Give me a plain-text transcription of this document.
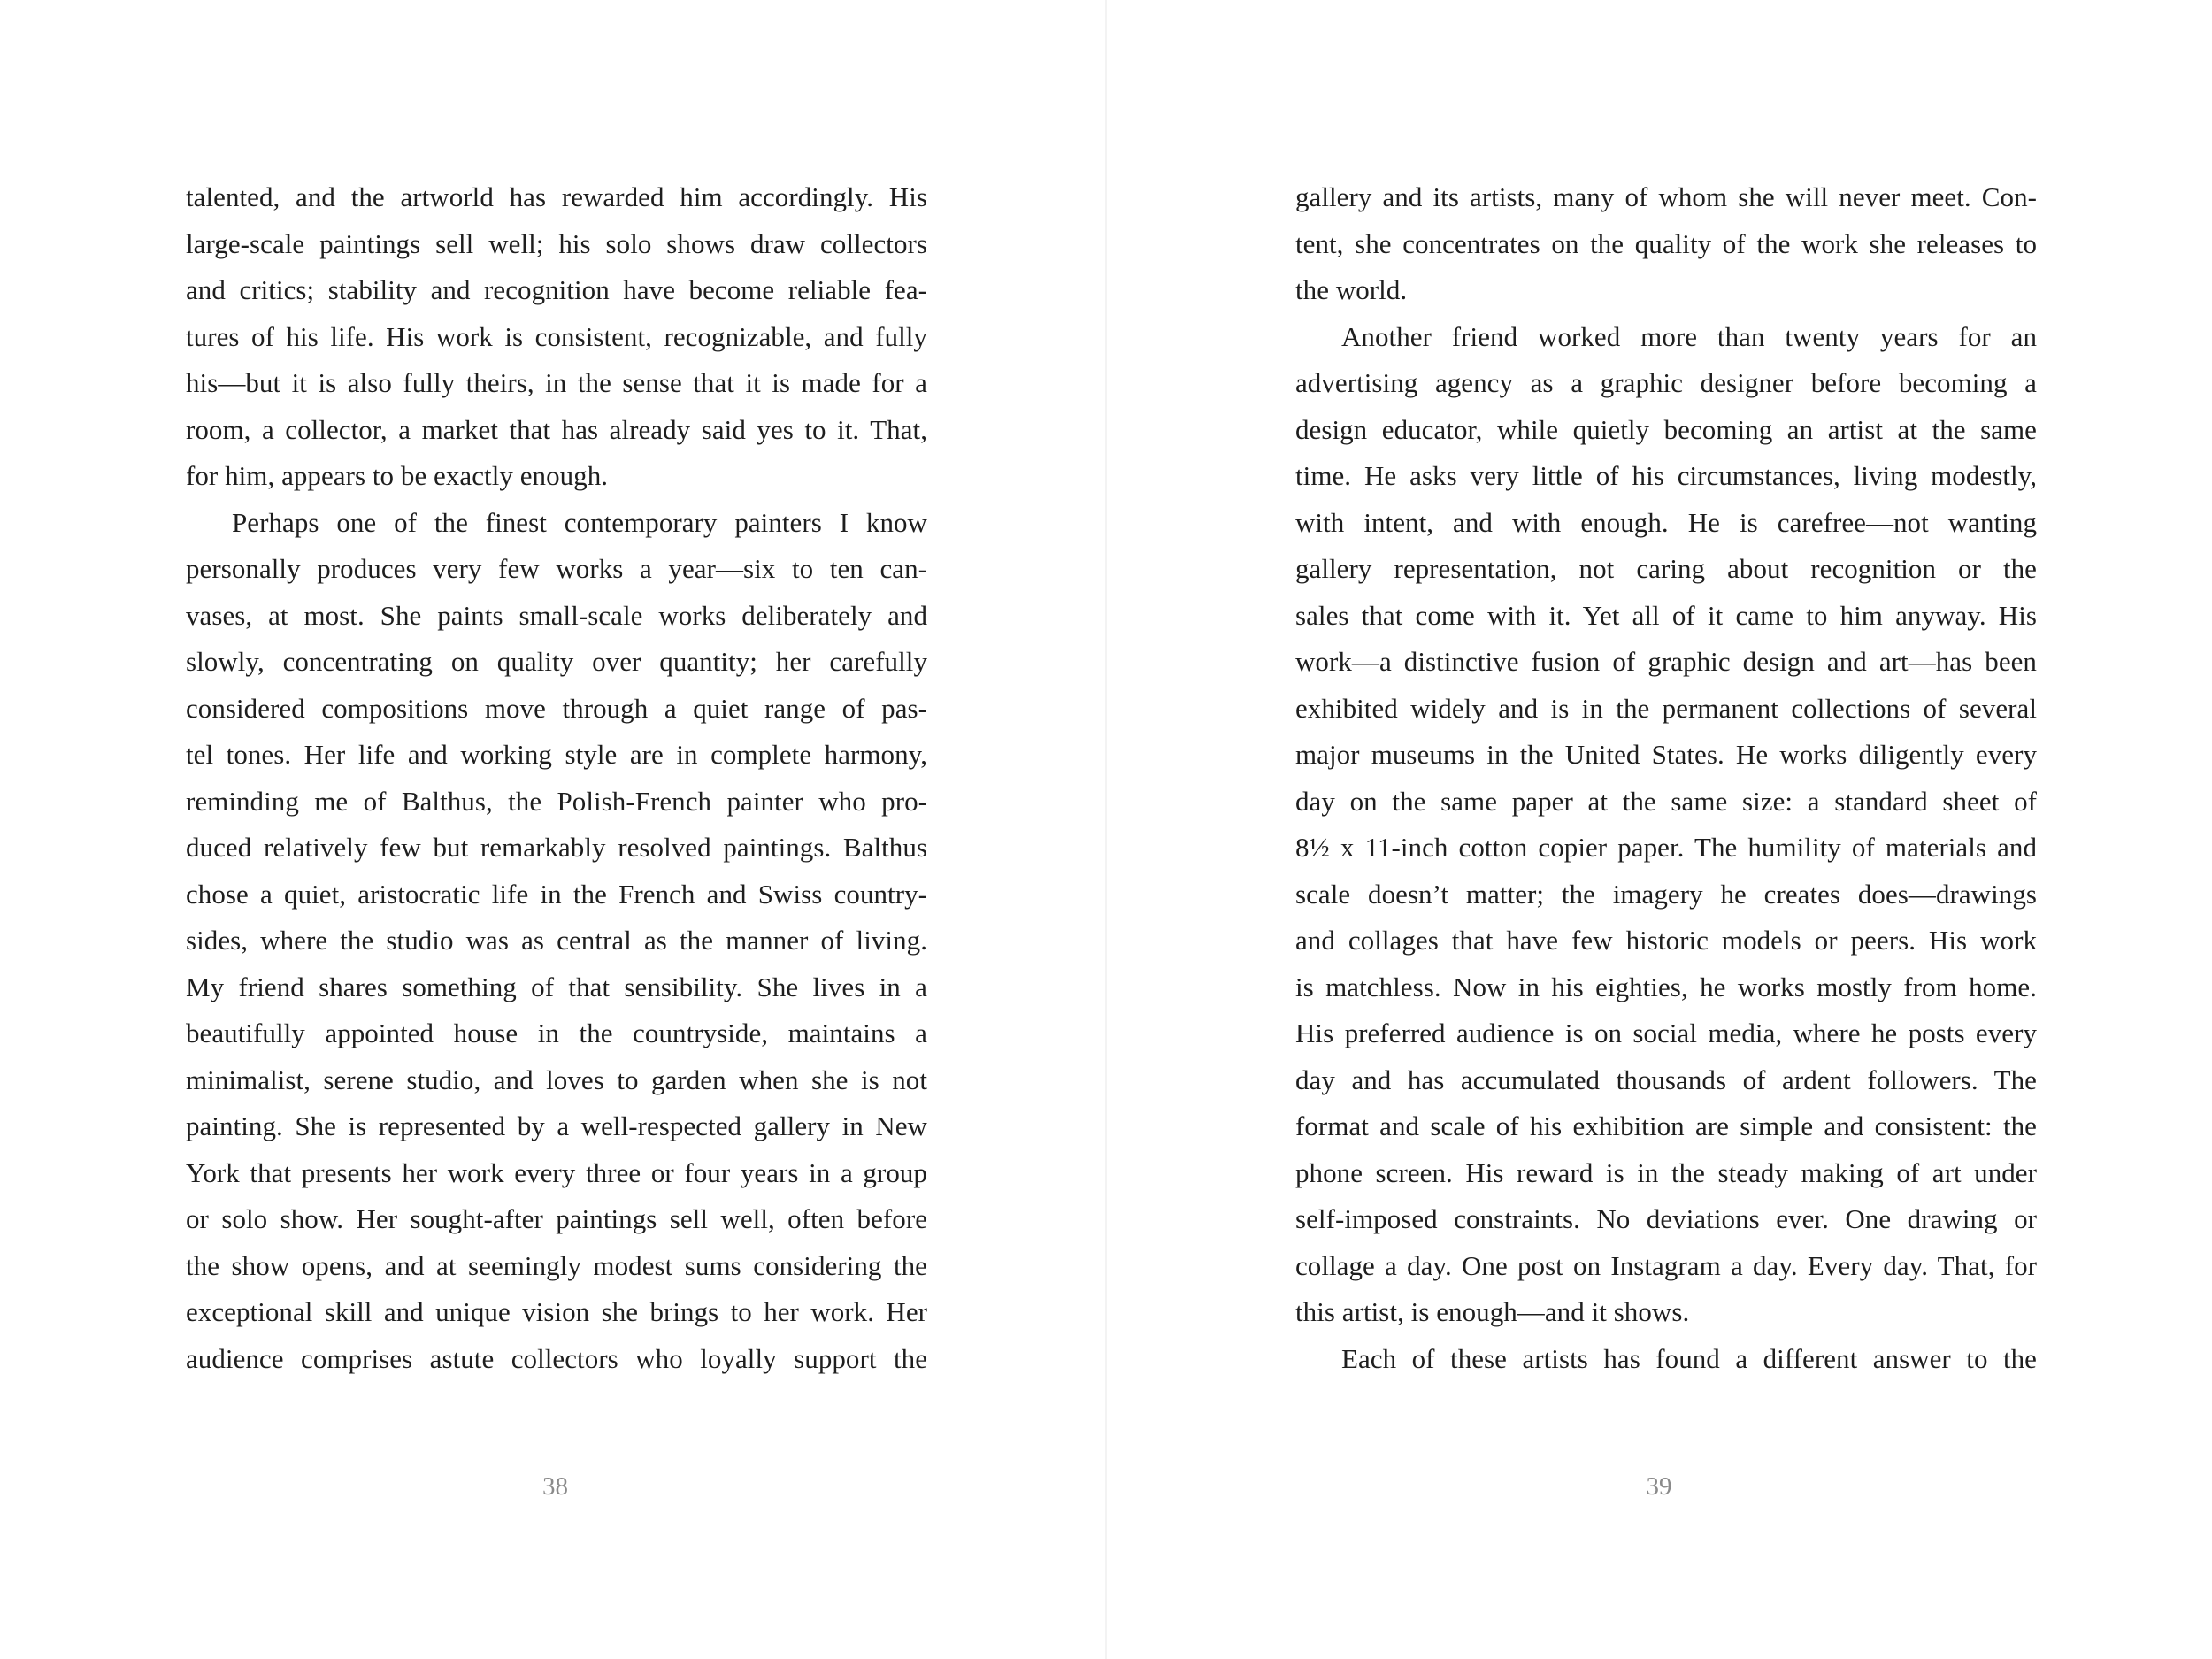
talented, and the artworld has rewarded him accordingly. His
large-scale paintings sell well; his solo shows draw collectors
and critics; stability and recognition have become reliable fea-
tures of his life. His work is consistent, recognizable, and fully
his—but it is also fully theirs, in the sense that it is made for a
room, a collector, a market that has already said yes to it. That,
for him, appears to be exactly enough.
Perhaps one of the finest contemporary painters I know
personally produces very few works a year—six to ten can-
vases, at most. She paints small-scale works deliberately and
slowly, concentrating on quality over quantity; her carefully
considered compositions move through a quiet range of pas-
tel tones. Her life and working style are in complete harmony,
reminding me of Balthus, the Polish-French painter who pro-
duced relatively few but remarkably resolved paintings. Balthus
chose a quiet, aristocratic life in the French and Swiss country-
sides, where the studio was as central as the manner of living.
My friend shares something of that sensibility. She lives in a
beautifully appointed house in the countryside, maintains a
minimalist, serene studio, and loves to garden when she is not
painting. She is represented by a well-respected gallery in New
York that presents her work every three or four years in a group
or solo show. Her sought-after paintings sell well, often before
the show opens, and at seemingly modest sums considering the
exceptional skill and unique vision she brings to her work. Her
audience comprises astute collectors who loyally support the
38
gallery and its artists, many of whom she will never meet. Con-
tent, she concentrates on the quality of the work she releases to
the world.
Another friend worked more than twenty years for an
advertising agency as a graphic designer before becoming a
design educator, while quietly becoming an artist at the same
time. He asks very little of his circumstances, living modestly,
with intent, and with enough. He is carefree—not wanting
gallery representation, not caring about recognition or the
sales that come with it. Yet all of it came to him anyway. His
work—a distinctive fusion of graphic design and art—has been
exhibited widely and is in the permanent collections of several
major museums in the United States. He works diligently every
day on the same paper at the same size: a standard sheet of
8½ x 11-inch cotton copier paper. The humility of materials and
scale doesn’t matter; the imagery he creates does—drawings
and collages that have few historic models or peers. His work
is matchless. Now in his eighties, he works mostly from home.
His preferred audience is on social media, where he posts every
day and has accumulated thousands of ardent followers. The
format and scale of his exhibition are simple and consistent: the
phone screen. His reward is in the steady making of art under
self-imposed constraints. No deviations ever. One drawing or
collage a day. One post on Instagram a day. Every day. That, for
this artist, is enough—and it shows.
Each of these artists has found a different answer to the
39
